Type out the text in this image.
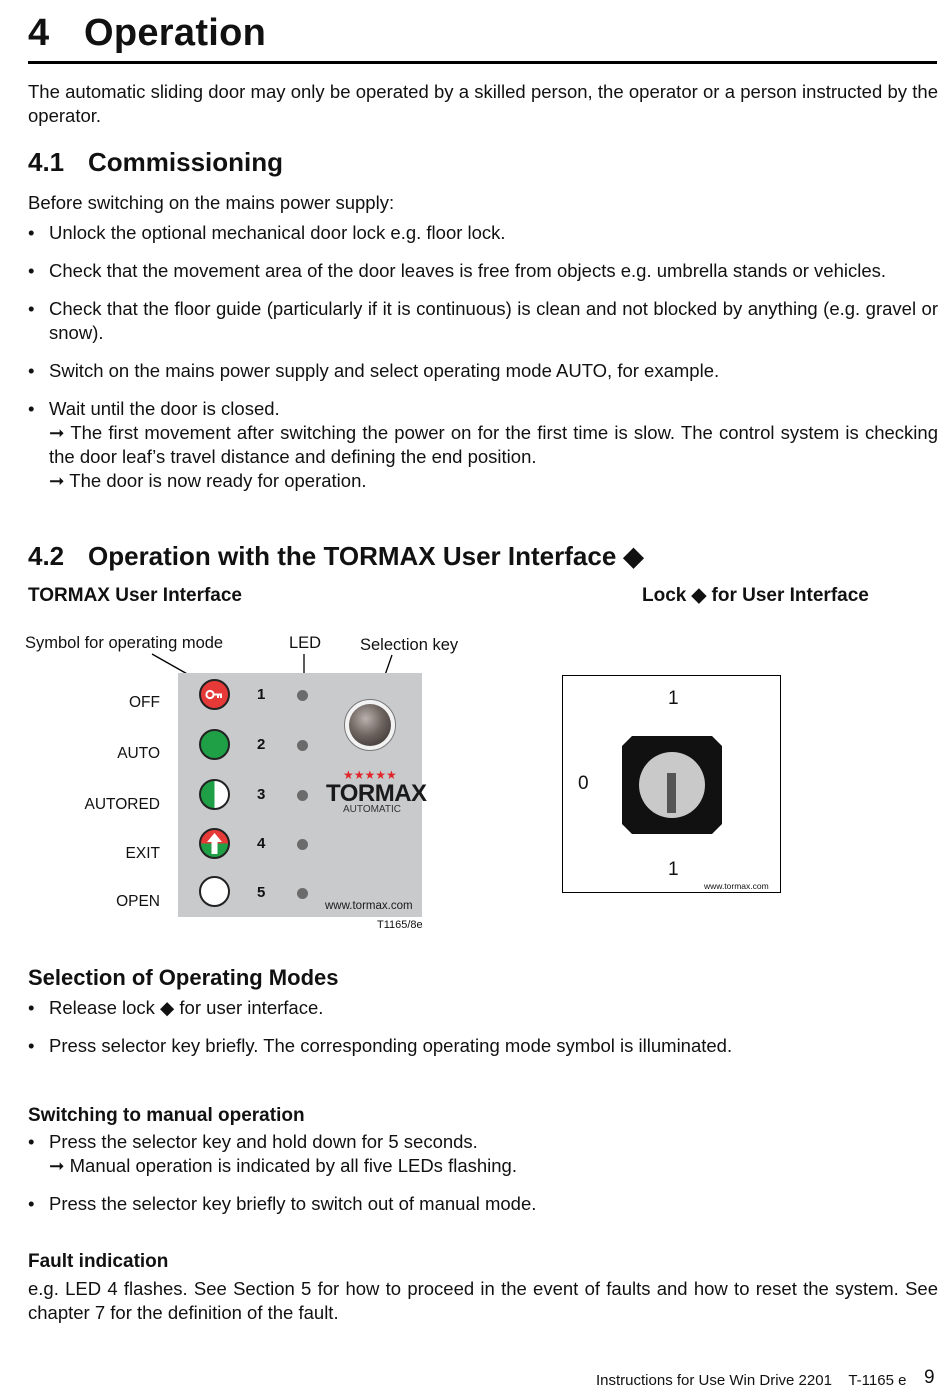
4 Operation

The automatic sliding door may only be operated by a skilled person, the operator or a person instructed by the operator.

4.1 Commissioning

Before switching on the mains power supply:

• Unlock the optional mechanical door lock e.g. floor lock.
• Check that the movement area of the door leaves is free from objects e.g. umbrella stands or vehicles.
• Check that the floor guide (particularly if it is continuous) is clean and not blocked by anything (e.g. gravel or snow).
• Switch on the mains power supply and select operating mode AUTO, for example.
• Wait until the door is closed.
➞ The first movement after switching the power on for the first time is slow. The control system is checking the door leaf’s travel distance and defining the end position.
➞ The door is now ready for operation.
4.2 Operation with the TORMAX User Interface ◆
TORMAX User Interface	Lock ◆ for User Interface
Symbol for operating mode	LED Selection key
OFF
AUTO
AUTORED
EXIT
OPEN
1
2
3
4
5
★★★★★
TORMAX
AUTOMATIC
www.tormax.com
T1165/8e
1
0
1
www.tormax.com
Selection of Operating Modes
• Release lock ◆ for user interface.
• Press selector key briefly. The corresponding operating mode symbol is illuminated.
Switching to manual operation
• Press the selector key and hold down for 5 seconds.
➞ Manual operation is indicated by all five LEDs flashing.
• Press the selector key briefly to switch out of manual mode.
Fault indication

e.g. LED 4 flashes. See Section 5 for how to proceed in the event of faults and how to reset the system. See chapter 7 for the definition of the fault.

Instructions for Use Win Drive 2201    T-1165 e 9
